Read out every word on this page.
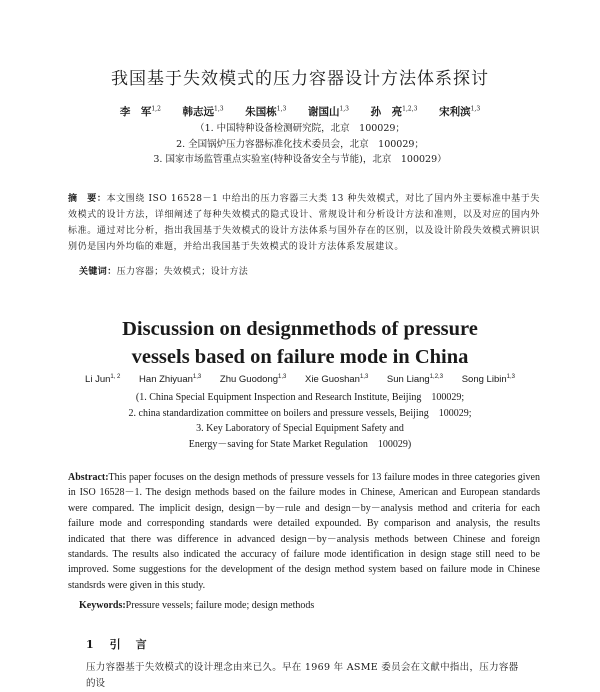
我国基于失效模式的压力容器设计方法体系探讨
李　军$^{1,2}$ 韩志远$^{1,3}$ 朱国栋$^{1,3}$ 谢国山$^{1,3}$ 孙　亮$^{1,2,3}$ 宋利滨$^{1,3}$
（1. 中国特种设备检测研究院，北京　100029；
2. 全国锅炉压力容器标准化技术委员会，北京　100029；
3. 国家市场监管重点实验室(特种设备安全与节能)，北京　100029）
摘　要：本文围绕 ISO 16528－1 中给出的压力容器三大类 13 种失效模式，对比了国内外主要标准中基于失效模式的设计方法，详细阐述了每种失效模式的隐式设计、常规设计和分析设计方法和准则，以及对应的国内外标准。通过对比分析，指出我国基于失效模式的设计方法体系与国外存在的区别，以及设计阶段失效模式辨识识别仍是国内外均临的难题，并给出我国基于失效模式的设计方法体系发展建议。
关键词：压力容器；失效模式；设计方法
Discussion on designmethods of pressure
vessels based on failure mode in China
Li Jun$^{1, 2}$ Han Zhiyuan$^{1,3}$ Zhu Guodong$^{1,3}$ Xie Guoshan$^{1,3}$ Sun Liang$^{1,2,3}$ Song Libin$^{1,3}$
(1. China Special Equipment Inspection and Research Institute, Beijing　100029;
2. china standardization committee on boilers and pressure vessels, Beijing　100029;
3. Key Laboratory of Special Equipment Safety and
Energy－saving for State Market Regulation　100029)
Abstract:This paper focuses on the design methods of pressure vessels for 13 failure modes in three categories given in ISO 16528－1. The design methods based on the failure modes in Chinese, American and European standards were compared. The implicit design, design－by－rule and design－by－analysis method and criteria for each failure mode and corresponding standards were detailed expounded. By comparison and analysis, the results indicated that there was difference in advanced design－by－analysis methods between Chinese and foreign standards. The results also indicated the accuracy of failure mode identification in design stage still need to be improved. Some suggestions for the development of the design method system based on failure mode in Chinese standsrds were given in this study.
Keywords:Pressure vessels; failure mode; design methods
1 引　言
压力容器基于失效模式的设计理念由来已久。早在 1969 年 ASME 委员会在文献中指出，压力容器
的设
